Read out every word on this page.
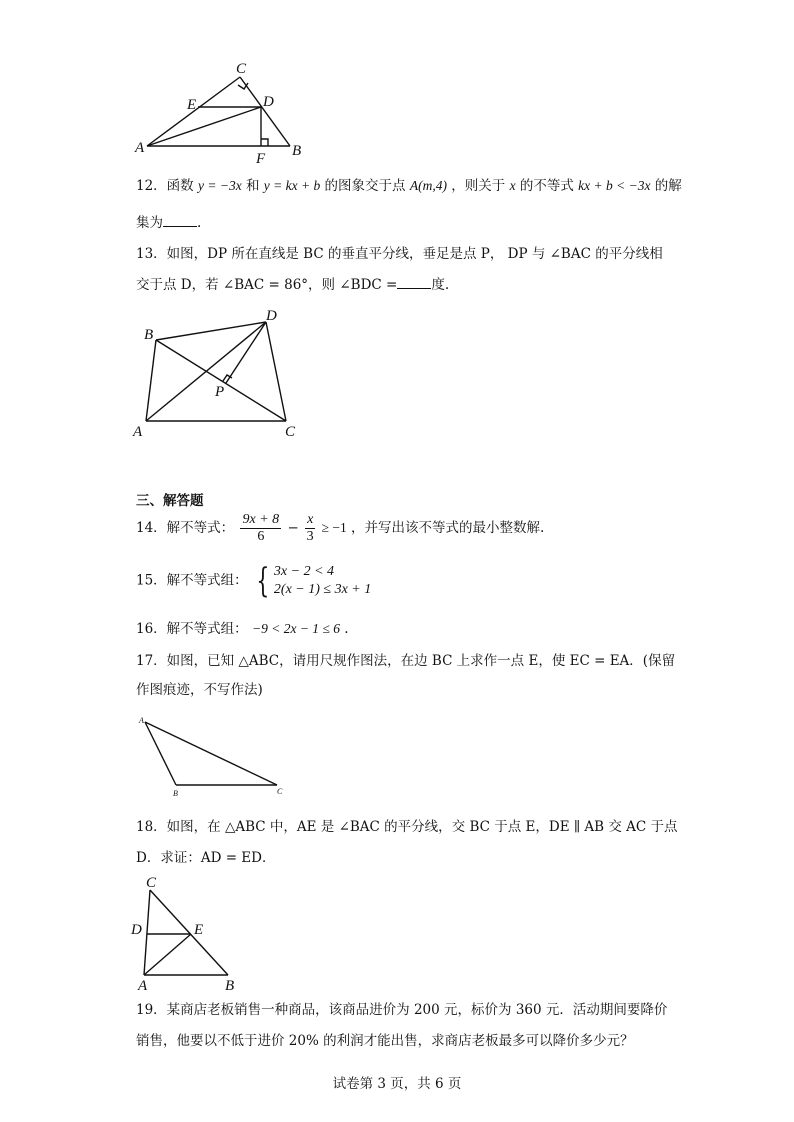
C
E	D
A
F B
12．函数 y = −3x 和 y = kx + b 的图象交于点 A(m,4) ，则关于 x 的不等式 kx + b < −3x 的解
集为	.
13．如图，DP 所在直线是 BC 的垂直平分线，垂足是点 P， DP 与 ∠BAC 的平分线相
交于点 D，若 ∠BAC = 86°，则 ∠BDC =	度.
D
B
P
A	C
三、解答题
14．解不等式： $\frac{9x + 8}{6} - \frac{x}{3} \ge -1$ ，并写出该不等式的最小整数解.
15．解不等式组： { 3x − 2 < 4
2(x − 1) ≤ 3x + 1
16．解不等式组： −9 < 2x − 1 ≤ 6 .
17．如图，已知 △ABC，请用尺规作图法，在边 BC 上求作一点 E，使 EC = EA．(保留
作图痕迹，不写作法)
A
B	C
18．如图，在 △ABC 中，AE 是 ∠BAC 的平分线，交 BC 于点 E，DE ∥ AB 交 AC 于点
D．求证：AD = ED．
C
D	E
A	B
19．某商店老板销售一种商品，该商品进价为 200 元，标价为 360 元．活动期间要降价
销售，他要以不低于进价 20% 的利润才能出售，求商店老板最多可以降价多少元？
试卷第 3 页，共 6 页
